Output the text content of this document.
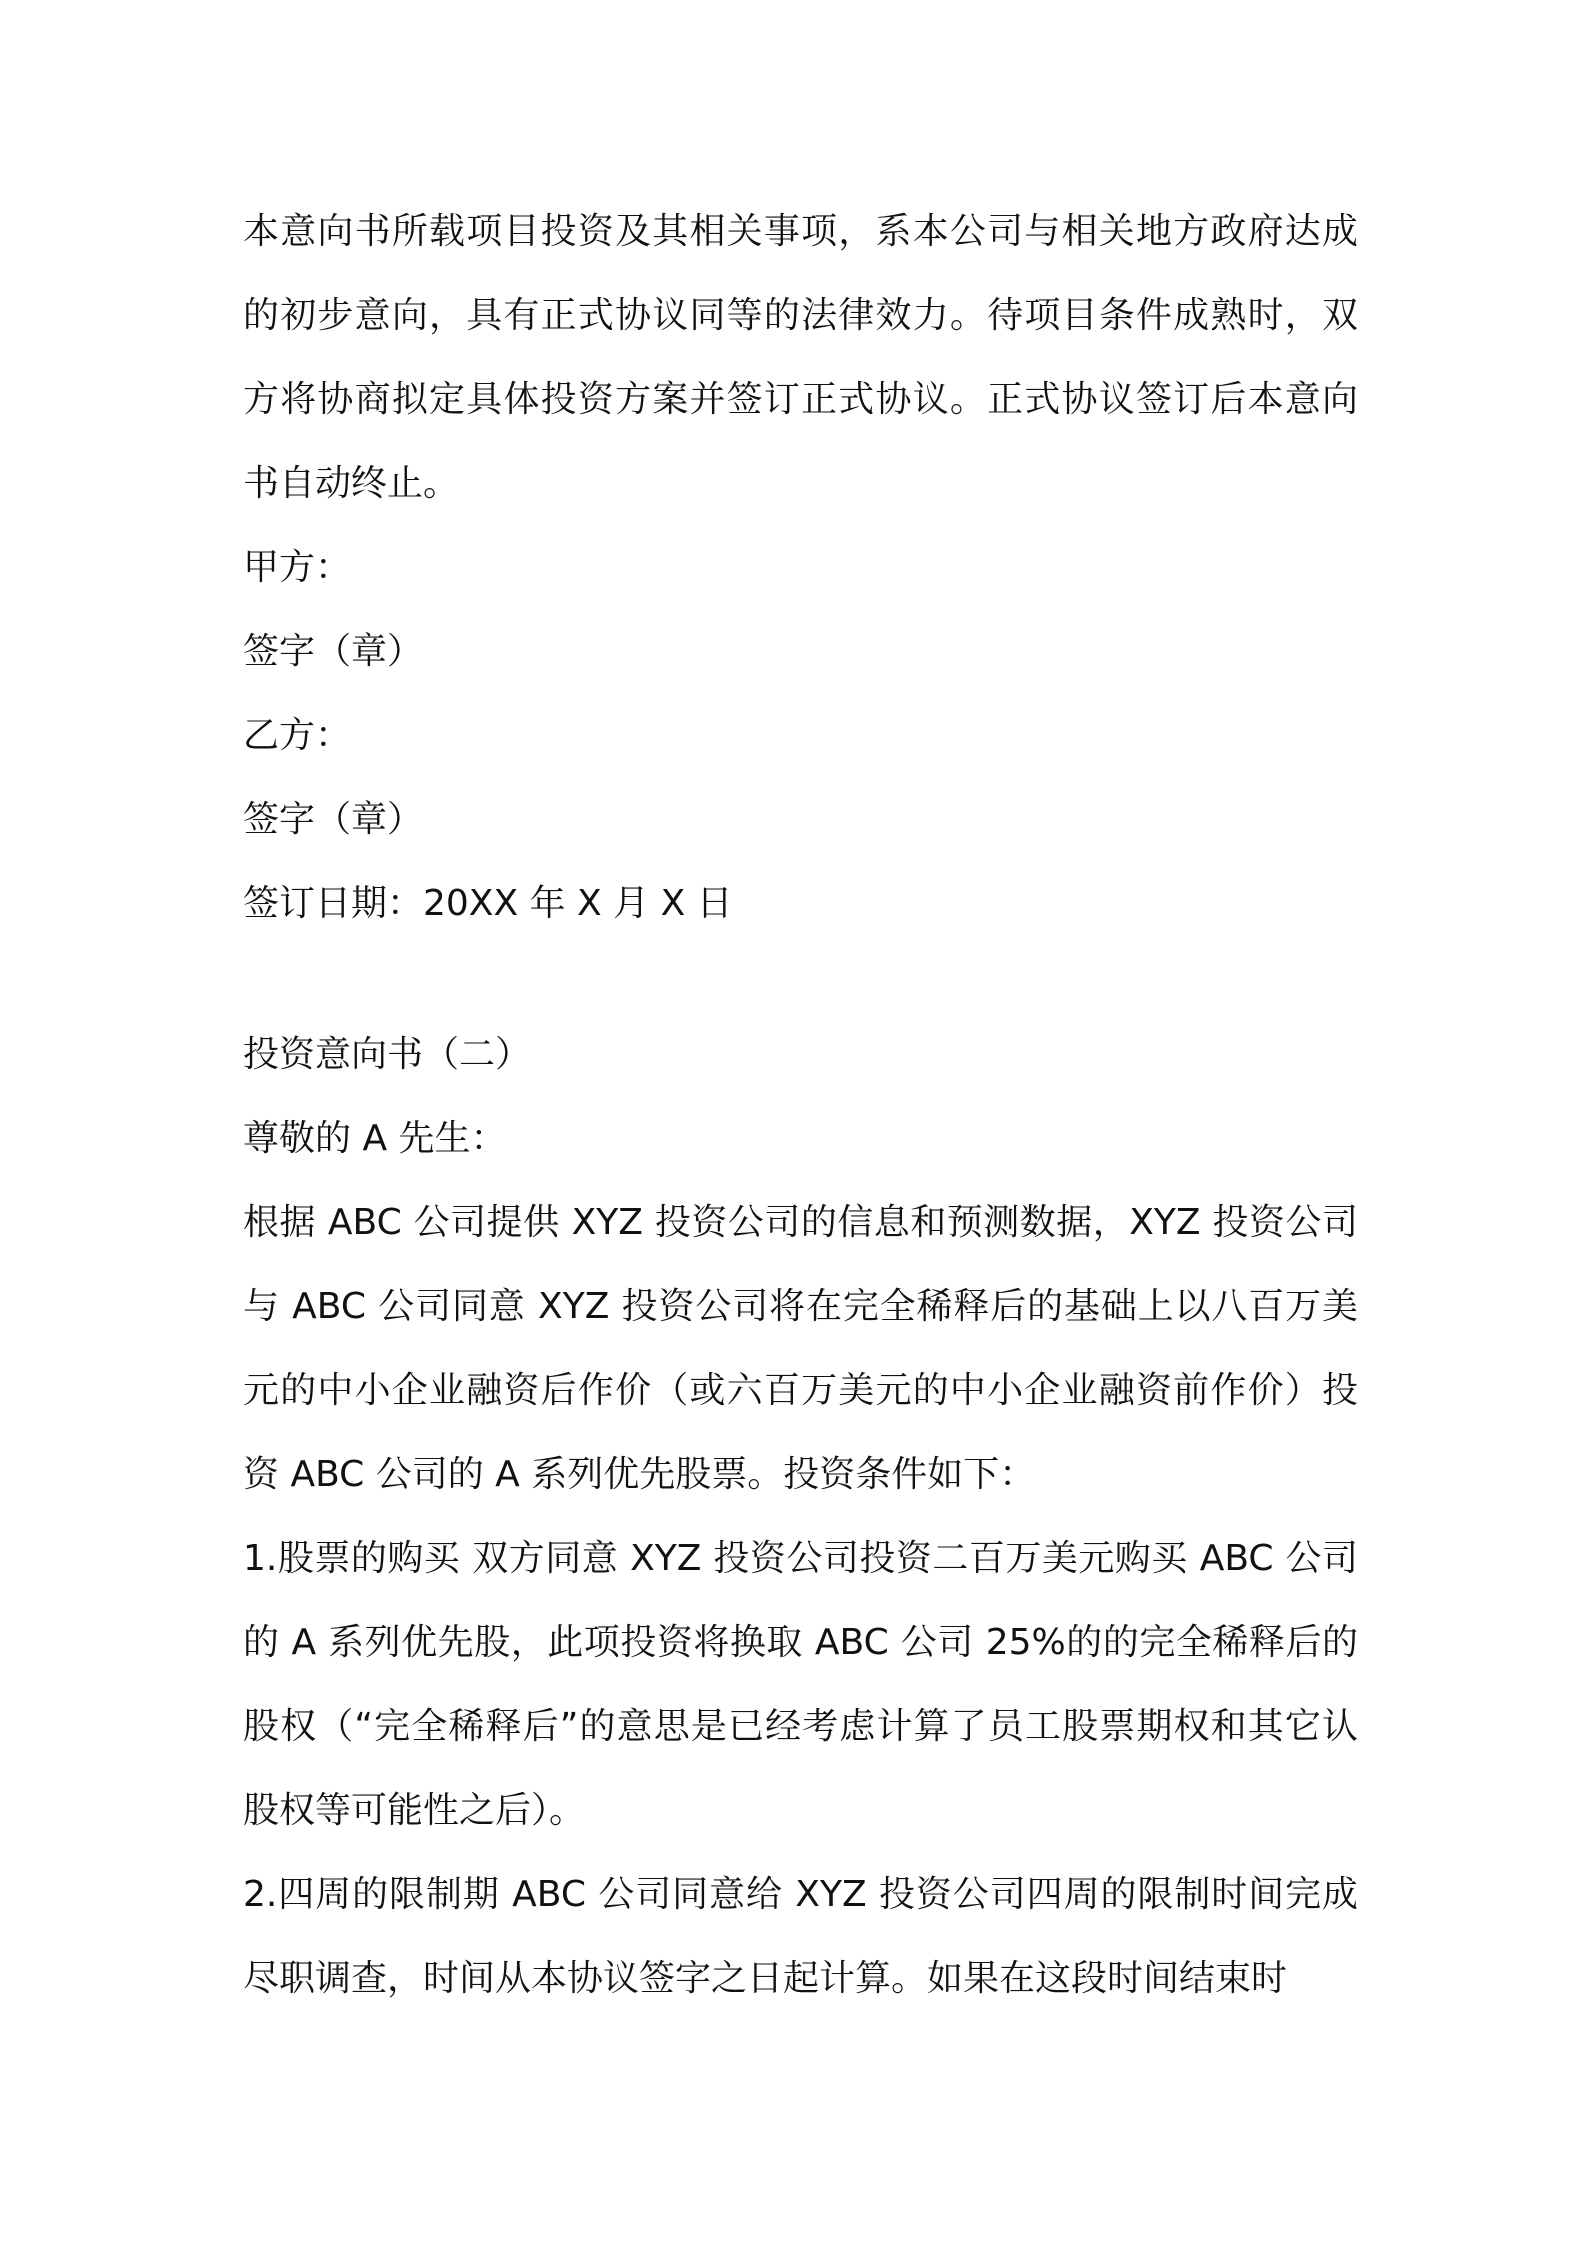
本意向书所载项目投资及其相关事项，系本公司与相关地方政府达成的初步意向，具有正式协议同等的法律效力。待项目条件成熟时，双方将协商拟定具体投资方案并签订正式协议。正式协议签订后本意向书自动终止。

甲方：

签字（章）

乙方：

签字（章）

签订日期：20XX 年 X 月 X 日

投资意向书（二）

尊敬的 A 先生：

根据 ABC 公司提供 XYZ 投资公司的信息和预测数据，XYZ 投资公司与 ABC 公司同意 XYZ 投资公司将在完全稀释后的基础上以八百万美元的中小企业融资后作价（或六百万美元的中小企业融资前作价）投资 ABC 公司的 A 系列优先股票。投资条件如下：

1.股票的购买 双方同意 XYZ 投资公司投资二百万美元购买 ABC 公司的 A 系列优先股，此项投资将换取 ABC 公司 25%的的完全稀释后的股权（“完全稀释后”的意思是已经考虑计算了员工股票期权和其它认股权等可能性之后）。

2.四周的限制期 ABC 公司同意给 XYZ 投资公司四周的限制时间完成尽职调查，时间从本协议签字之日起计算。如果在这段时间结束时
